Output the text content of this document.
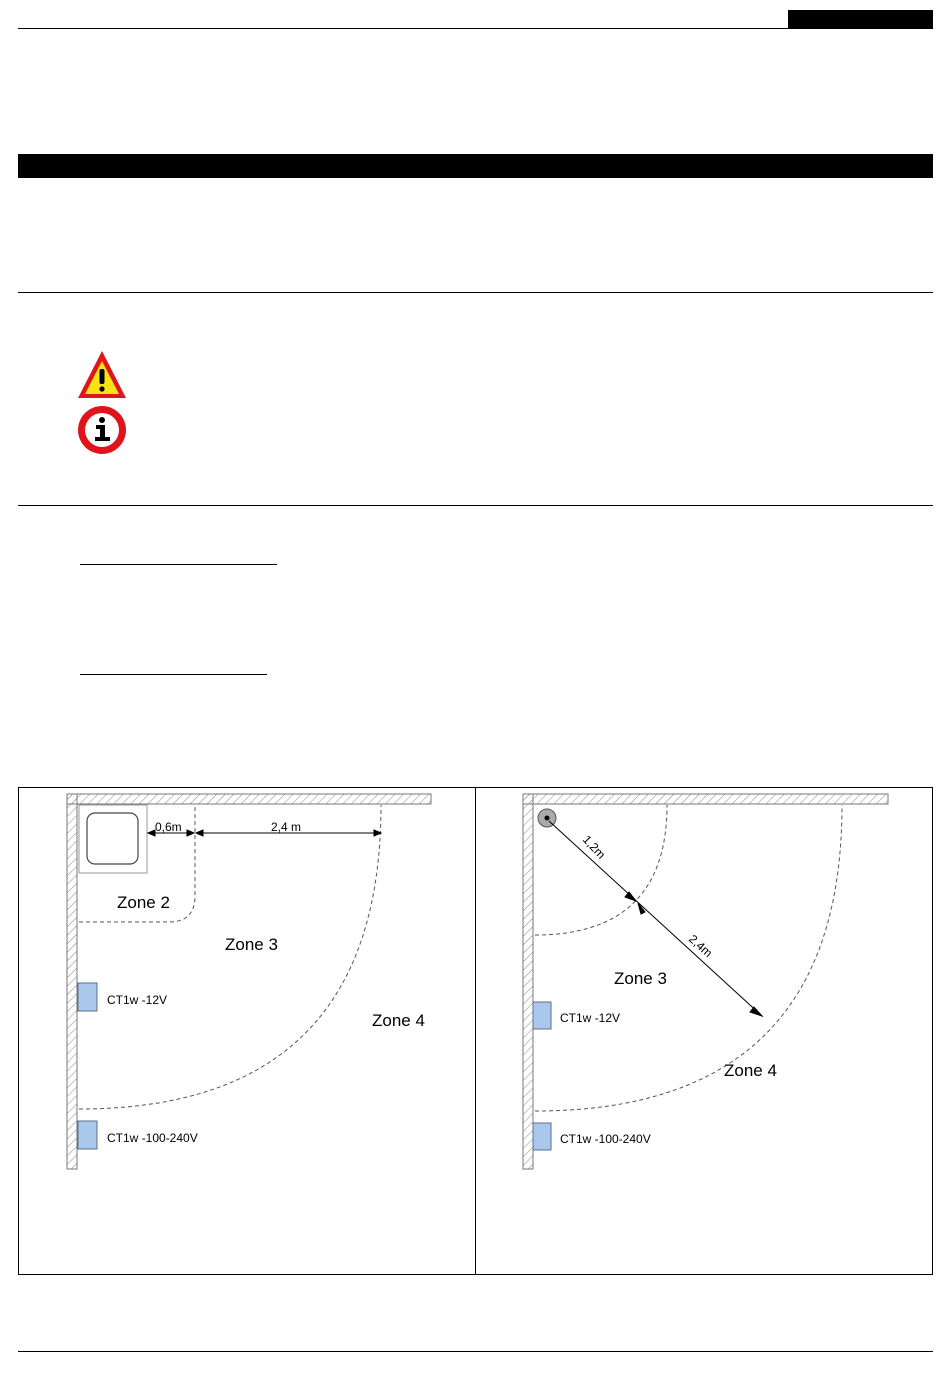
0,6m	2,4 m
Zone 2
Zone 3
Zone 4
CT1w -12V
CT1w -100-240V
1,2m
2,4m
Zone 3
Zone 4
CT1w -12V
CT1w -100-240V
